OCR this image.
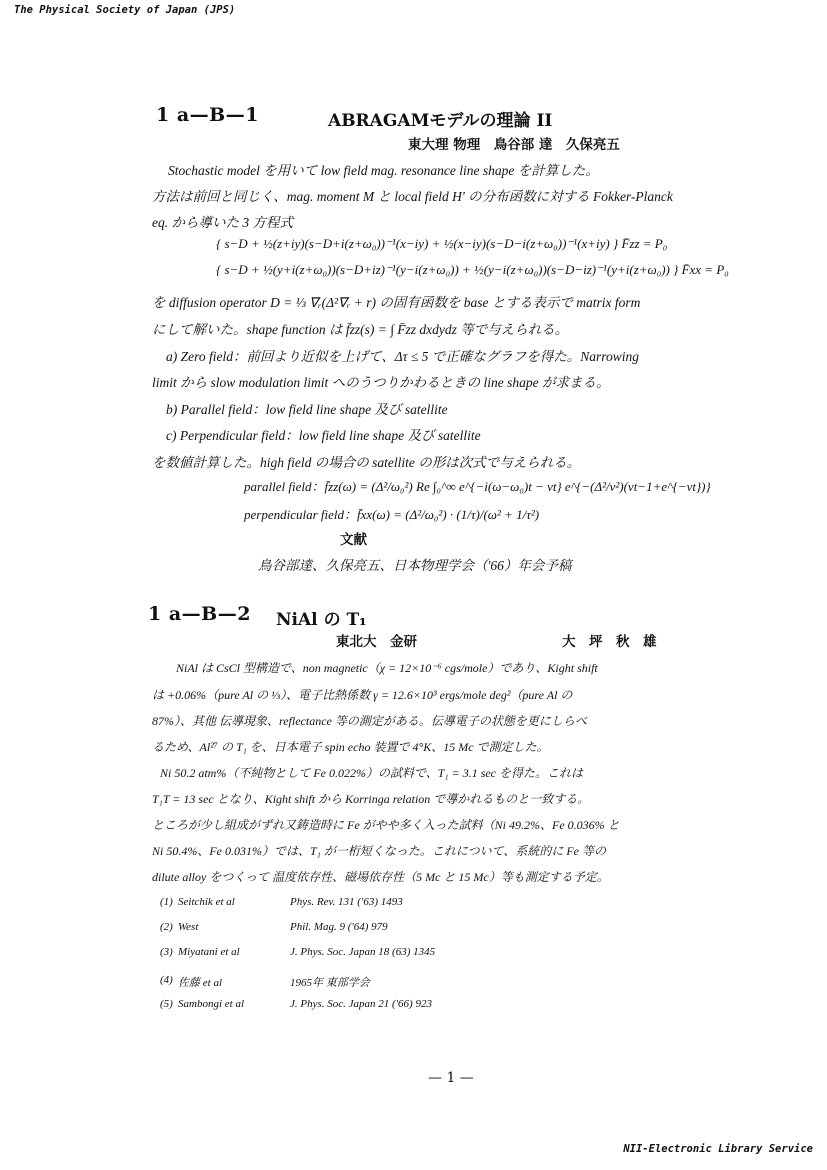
The Physical Society of Japan (JPS)
1 a—B—1	ABRAGAMモデルの理論 II
東大理 物理　鳥谷部 達　久保亮五
Stochastic model を用いて low field mag. resonance line shape を計算した。
方法は前回と同じく、mag. moment M と local field H' の分布函数に対する Fokker-Planck
eq. から導いた 3 方程式
{ s−D + ½(z+iy)(s−D+i(z+ω₀))⁻¹(x−iy) + ½(x−iy)(s−D−i(z+ω₀))⁻¹(x+iy) } F̄zz = P₀
{ s−D + ½(y+i(z+ω₀))(s−D+iz)⁻¹(y−i(z+ω₀)) + ½(y−i(z+ω₀))(s−D−iz)⁻¹(y+i(z+ω₀)) } F̄xx = P₀
を diffusion operator D = ⅓ ∇ᵣ(Δ²∇ᵣ + r) の固有函数を base とする表示で matrix form
にして解いた。shape function は f̄zz(s) = ∫ F̄zz dxdydz 等で与えられる。
a) Zero field：前回より近似を上げて、Δτ ≤ 5 で正確なグラフを得た。Narrowing
limit から slow modulation limit へのうつりかわるときの line shape が求まる。
b) Parallel field：low field line shape 及び satellite
c) Perpendicular field：low field line shape 及び satellite
を数値計算した。high field の場合の satellite の形は次式で与えられる。
parallel field：f̄zz(ω) = (Δ²/ω₀²) Re ∫₀^∞ e^{−i(ω−ω₀)t − νt} e^{−(Δ²/ν²)(νt−1+e^{−νt})}
perpendicular field：f̄xx(ω) = (Δ²/ω₀²) · (1/τ)/(ω² + 1/τ²)
文献
鳥谷部達、久保亮五、日本物理学会（'66）年会予稿
1 a—B—2 NiAl の T₁
東北大　金研	大　坪　秋　雄
NiAl は CsCl 型構造で、non magnetic（χ = 12×10⁻⁶ cgs/mole）であり、Kight shift
は +0.06%（pure Al の ⅓）、電子比熱係数 γ = 12.6×10³ ergs/mole deg²（pure Al の
87%）、其他 伝導現象、reflectance 等の測定がある。伝導電子の状態を更にしらべ
るため、Al²⁷ の T₁ を、日本電子 spin echo 装置で 4°K、15 Mc で測定した。
Ni 50.2 atm%（不純物として Fe 0.022%）の試料で、T₁ = 3.1 sec を得た。これは
T₁T = 13 sec となり、Kight shift から Korringa relation で導かれるものと一致する。
ところが少し組成がずれ又鋳造時に Fe がやや多く入った試料（Ni 49.2%、Fe 0.036% と
Ni 50.4%、Fe 0.031%）では、T₁ が一桁短くなった。これについて、系統的に Fe 等の
dilute alloy をつくって 温度依存性、磁場依存性（5 Mc と 15 Mc）等も測定する予定。
(1) Seitchik et al	Phys. Rev. 131 ('63) 1493
(2) West	Phil. Mag. 9 ('64) 979
(3) Miyatani et al	J. Phys. Soc. Japan 18 (63) 1345
(4) 佐藤 et al	1965年 東部学会
(5) Sambongi et al	J. Phys. Soc. Japan 21 ('66) 923
— 1 —
NII-Electronic Library Service
